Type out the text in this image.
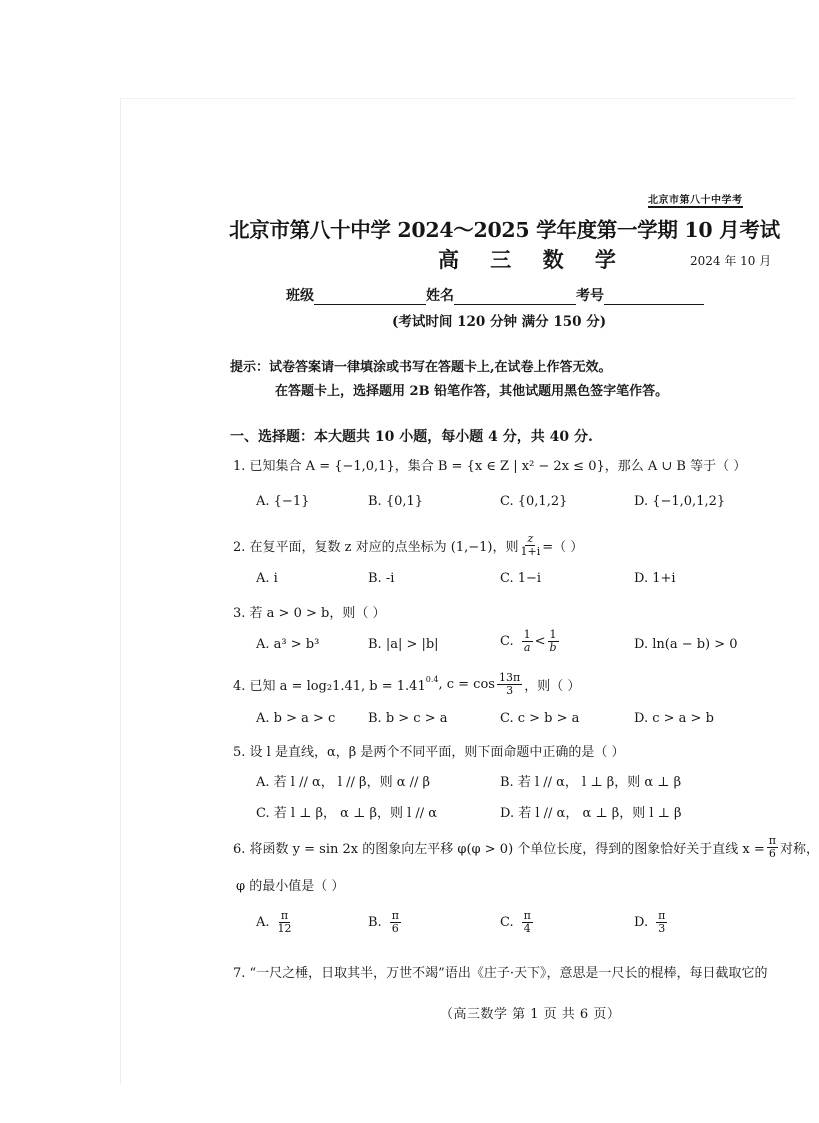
北京市第八十中学考
北京市第八十中学 2024～2025 学年度第一学期 10 月考试
高 三 数 学	2024 年 10 月
班级	姓名	考号
(考试时间 120 分钟 满分 150 分)
提示：试卷答案请一律填涂或书写在答题卡上,在试卷上作答无效。
在答题卡上，选择题用 2B 铅笔作答，其他试题用黑色签字笔作答。
一、选择题：本大题共 10 小题，每小题 4 分，共 40 分.
1. 已知集合 A = {−1,0,1}，集合 B = {x ∈ Z | x² − 2x ≤ 0}，那么 A ∪ B 等于（ ）
A. {−1}	B. {0,1}	C. {0,1,2}	D. {−1,0,1,2}
2. 在复平面，复数 z 对应的点坐标为 (1,−1)，则 $\frac{z}{1+i}$ =（ ）
A. i	B. -i	C. 1−i	D. 1+i
3. 若 a > 0 > b，则（ ）
A. a³ > b³	B. |a| > |b|	C. $\frac{1}{a} < \frac{1}{b}$	D. ln(a − b) > 0
4. 已知 a = log₂1.41, $b = 1.41^{0.4}$ , $c = \cos \frac{13\pi}{3}$ ，则（ ）
A. b > a > c	B. b > c > a	C. c > b > a	D. c > a > b
5. 设 l 是直线，α，β 是两个不同平面，则下面命题中正确的是（ ）
A. 若 l // α， l // β，则 α // β	B. 若 l // α， l ⊥ β，则 α ⊥ β
C. 若 l ⊥ β， α ⊥ β，则 l // α	D. 若 l // α， α ⊥ β，则 l ⊥ β
6. 将函数 y = sin 2x 的图象向左平移 φ(φ > 0) 个单位长度，得到的图象恰好关于直线 $x = \frac{\pi}{6}$ 对称，
φ 的最小值是（ ）
A. $\frac{\pi}{12}$	B. $\frac{\pi}{6}$	C. $\frac{\pi}{4}$	D. $\frac{\pi}{3}$
7. “一尺之棰，日取其半，万世不竭”语出《庄子·天下》，意思是一尺长的棍棒，每日截取它的
（高三数学 第 1 页 共 6 页）
